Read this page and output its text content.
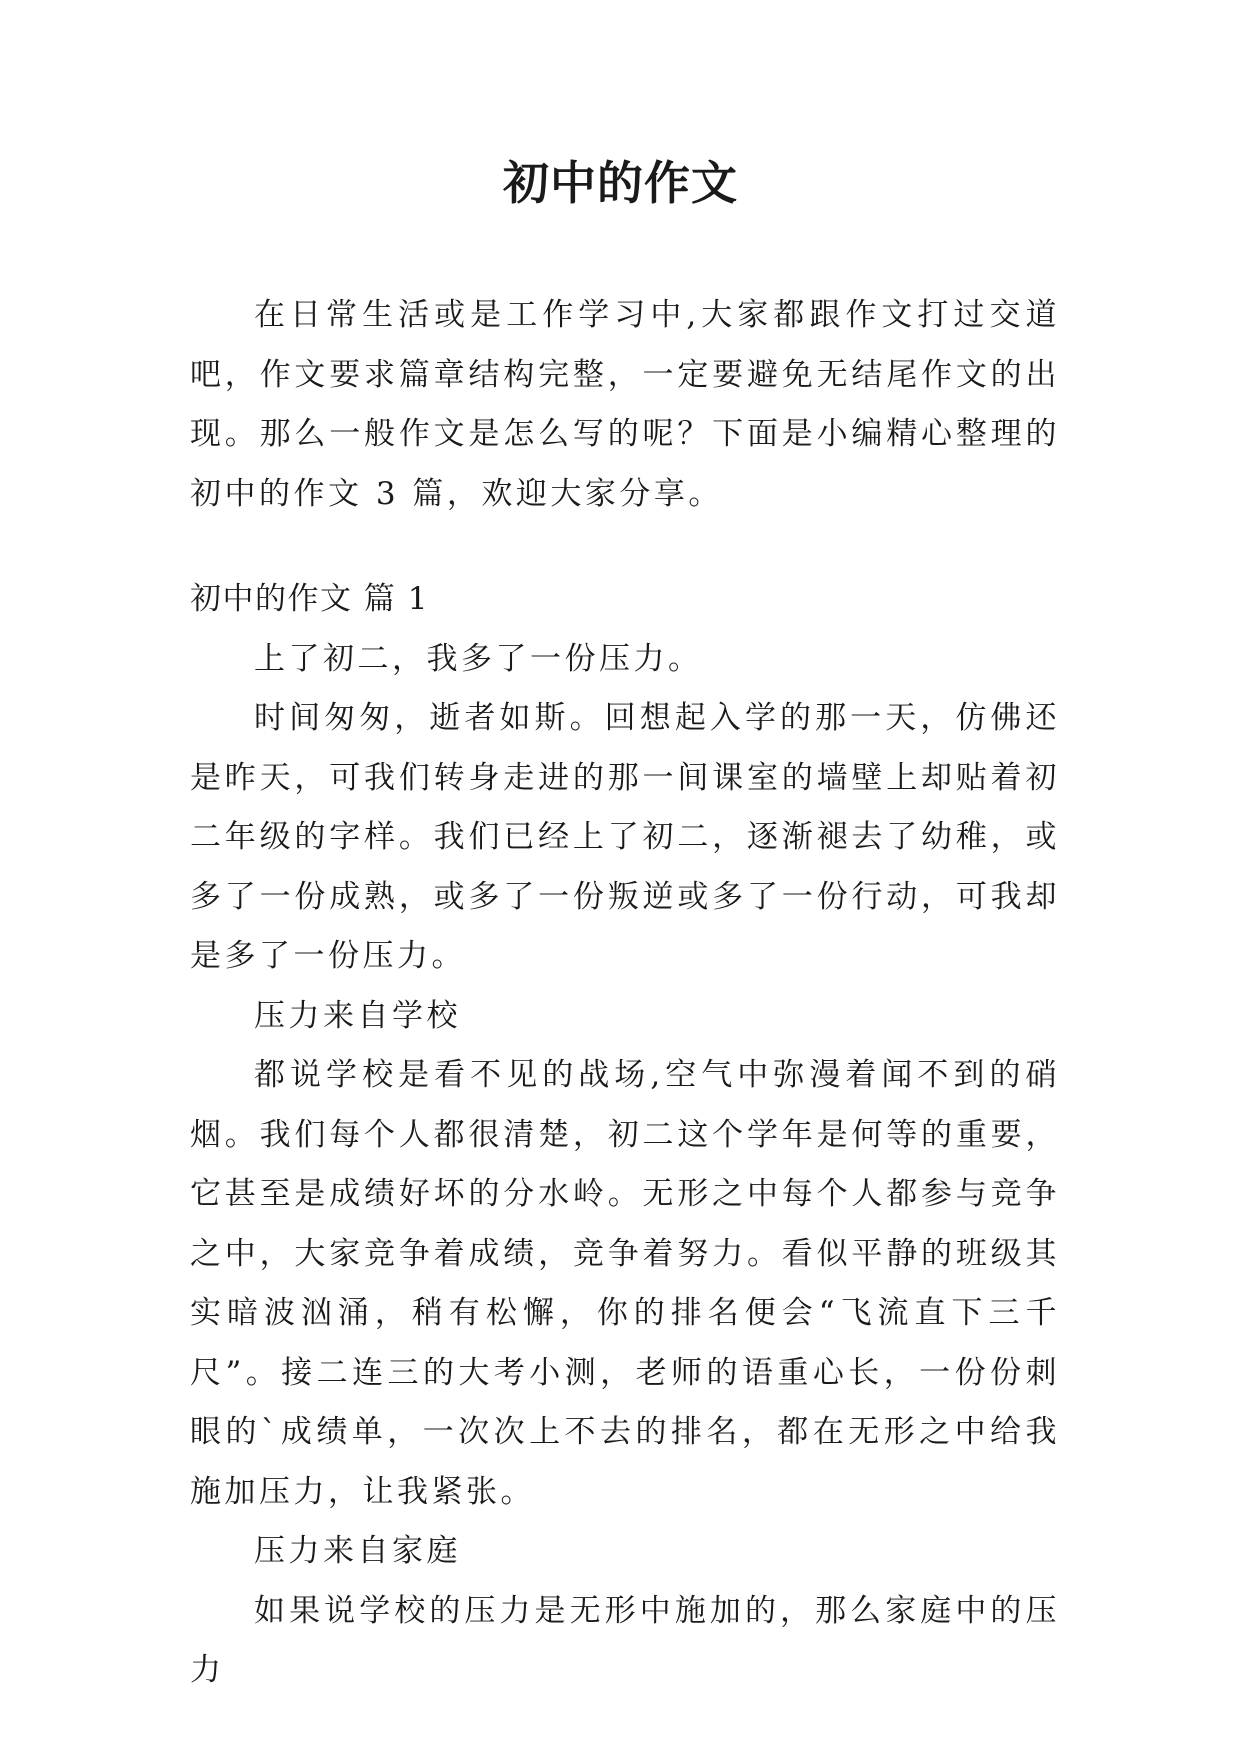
初中的作文

在日常生活或是工作学习中,大家都跟作文打过交道吧，作文要求篇章结构完整，一定要避免无结尾作文的出现。那么一般作文是怎么写的呢？下面是小编精心整理的初中的作文 3 篇，欢迎大家分享。

初中的作文 篇 1

上了初二，我多了一份压力。

时间匆匆，逝者如斯。回想起入学的那一天，仿佛还是昨天，可我们转身走进的那一间课室的墙壁上却贴着初二年级的字样。我们已经上了初二，逐渐褪去了幼稚，或多了一份成熟，或多了一份叛逆或多了一份行动，可我却是多了一份压力。

压力来自学校

都说学校是看不见的战场,空气中弥漫着闻不到的硝烟。我们每个人都很清楚，初二这个学年是何等的重要，它甚至是成绩好坏的分水岭。无形之中每个人都参与竞争之中，大家竞争着成绩，竞争着努力。看似平静的班级其实暗波汹涌，稍有松懈，你的排名便会“飞流直下三千尺”。接二连三的大考小测，老师的语重心长，一份份刺眼的`成绩单，一次次上不去的排名，都在无形之中给我施加压力，让我紧张。

压力来自家庭

如果说学校的压力是无形中施加的，那么家庭中的压力
